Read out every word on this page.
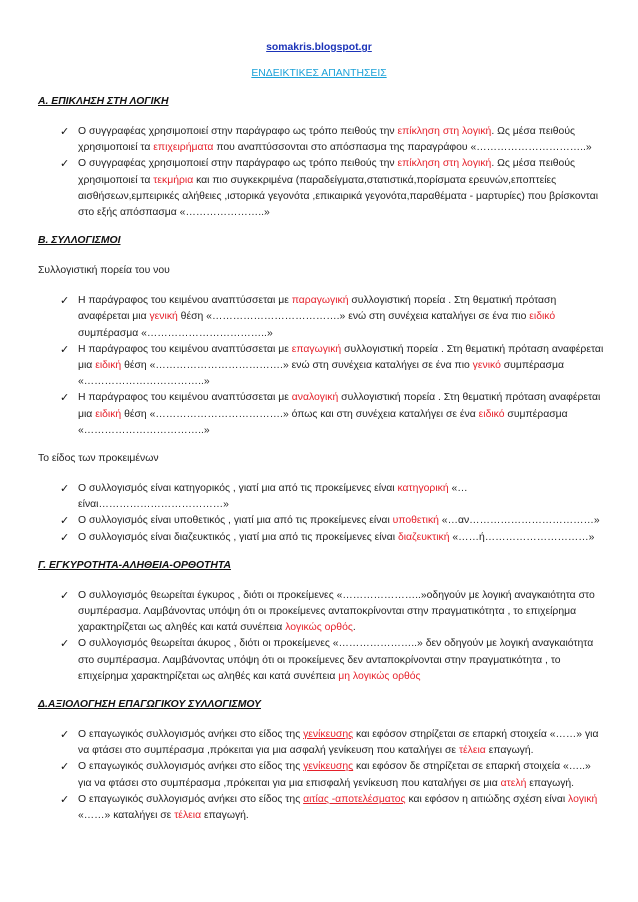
somakris.blogspot.gr
ΕΝΔΕΙΚΤΙΚΕΣ ΑΠΑΝΤΗΣΕΙΣ
Α. ΕΠΙΚΛΗΣΗ ΣΤΗ ΛΟΓΙΚΗ
✓ Ο συγγραφέας χρησιμοποιεί στην παράγραφο ως τρόπο πειθούς την επίκληση στη λογική. Ως μέσα πειθούς χρησιμοποιεί τα επιχειρήματα που αναπτύσσονται στο απόσπασμα της παραγράφου «…………………………..»
✓ Ο συγγραφέας χρησιμοποιεί στην παράγραφο ως τρόπο πειθούς την επίκληση στη λογική. Ως μέσα πειθούς χρησιμοποιεί τα τεκμήρια και πιο συγκεκριμένα (παραδείγματα,στατιστικά,πορίσματα ερευνών,εποπτείες αισθήσεων,εμπειρικές αλήθειες ,ιστορικά γεγονότα ,επικαιρικά γεγονότα,παραθέματα - μαρτυρίες) που βρίσκονται στο εξής απόσπασμα «…………………..»
Β. ΣΥΛΛΟΓΙΣΜΟΙ

Συλλογιστική πορεία του νου

✓ Η παράγραφος του κειμένου αναπτύσσεται με παραγωγική συλλογιστική πορεία . Στη θεματική πρόταση αναφέρεται μια γενική θέση «……………………………….» ενώ στη συνέχεια καταλήγει σε ένα πιο ειδικό συμπέρασμα «……………………………..»
✓ Η παράγραφος του κειμένου αναπτύσσεται με επαγωγική συλλογιστική πορεία . Στη θεματική πρόταση αναφέρεται μια ειδική θέση «……………………………….» ενώ στη συνέχεια καταλήγει σε ένα πιο γενικό συμπέρασμα «……………………………..»
✓ Η παράγραφος του κειμένου αναπτύσσεται με αναλογική συλλογιστική πορεία . Στη θεματική πρόταση αναφέρεται μια ειδική θέση «……………………………….» όπως και στη συνέχεια καταλήγει σε ένα ειδικό συμπέρασμα «……………………………..»

Το είδος των προκειμένων

✓ Ο συλλογισμός είναι κατηγορικός , γιατί μια από τις προκείμενες είναι κατηγορική «…είναι………………………………»
✓ Ο συλλογισμός είναι υποθετικός , γιατί μια από τις προκείμενες είναι υποθετική «…αν………………………………»
✓ Ο συλλογισμός είναι διαζευκτικός , γιατί μια από τις προκείμενες είναι διαζευκτική «……ή…………………………»
Γ. ΕΓΚΥΡΟΤΗΤΑ-ΑΛΗΘΕΙΑ-ΟΡΘΟΤΗΤΑ
✓ Ο συλλογισμός θεωρείται έγκυρος , διότι οι προκείμενες «…………………..»οδηγούν με λογική αναγκαιότητα στο συμπέρασμα. Λαμβάνοντας υπόψη ότι οι προκείμενες ανταποκρίνονται στην πραγματικότητα , το επιχείρημα χαρακτηρίζεται ως αληθές και κατά συνέπεια λογικώς ορθός.
✓ Ο συλλογισμός θεωρείται άκυρος , διότι οι προκείμενες «…………………..» δεν οδηγούν με λογική αναγκαιότητα στο συμπέρασμα. Λαμβάνοντας υπόψη ότι οι προκείμενες δεν ανταποκρίνονται στην πραγματικότητα , το επιχείρημα χαρακτηρίζεται ως αληθές και κατά συνέπεια μη λογικώς ορθός
Δ.ΑΞΙΟΛΟΓΗΣΗ ΕΠΑΓΩΓΙΚΟΥ ΣΥΛΛΟΓΙΣΜΟΥ
✓ Ο επαγωγικός συλλογισμός ανήκει στο είδος της γενίκευσης και εφόσον στηρίζεται σε επαρκή στοιχεία «……» για να φτάσει στο συμπέρασμα ,πρόκειται για μια ασφαλή γενίκευση που καταλήγει σε τέλεια επαγωγή.
✓ Ο επαγωγικός συλλογισμός ανήκει στο είδος της γενίκευσης και εφόσον δε στηρίζεται σε επαρκή στοιχεία «…..» για να φτάσει στο συμπέρασμα ,πρόκειται για μια επισφαλή γενίκευση που καταλήγει σε μια ατελή επαγωγή.
✓ Ο επαγωγικός συλλογισμός ανήκει στο είδος της αιτίας -αποτελέσματος και εφόσον η αιτιώδης σχέση είναι λογική «……» καταλήγει σε τέλεια επαγωγή.
